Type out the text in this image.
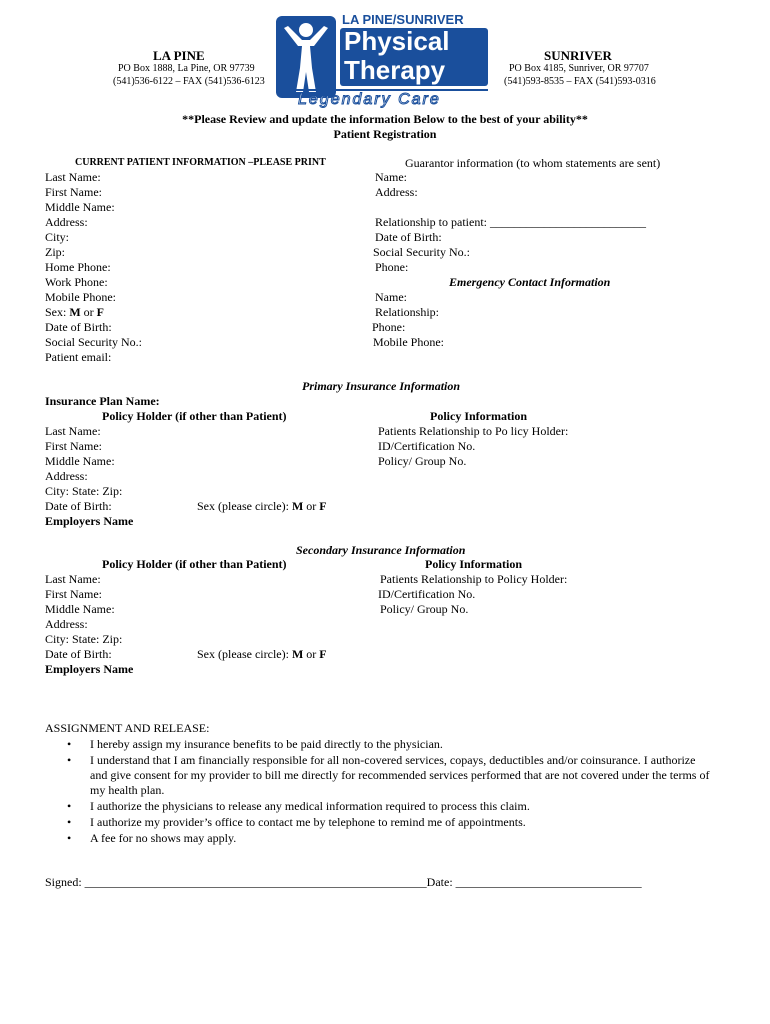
LA PINE
PO Box 1888, La Pine, OR 97739
(541)536-6122 – FAX (541)536-6123
SUNRIVER
PO Box 4185, Sunriver, OR 97707
(541)593-8535 – FAX (541)593-0316
LA PINE/SUNRIVER
Physical
Therapy
Legendary Care
**Please Review and update the information Below to the best of your ability**
Patient Registration
CURRENT PATIENT INFORMATION –PLEASE PRINT
Last Name:
First Name:
Middle Name:
Address:
City:
Zip:
Home Phone:
Work Phone:
Mobile Phone:
Sex: M or F
Date of Birth:
Social Security No.:
Patient email:
Guarantor information (to whom statements are sent)
Name:
Address:
Relationship to patient: __________________________
Date of Birth:
Social Security No.:
Phone:
Emergency Contact Information
Name:
Relationship:
Phone:
Mobile Phone:
Primary Insurance Information
Insurance Plan Name:
Policy Holder (if other than Patient)	Policy Information
Last Name:
First Name:
Middle Name:
Address:
City: State: Zip:
Date of Birth:
Employers Name
Sex (please circle): M or F
Patients Relationship to Po licy Holder:
ID/Certification No.
Policy/ Group No.
Secondary Insurance Information
Policy Holder (if other than Patient)	Policy Information
Last Name:
First Name:
Middle Name:
Address:
City: State: Zip:
Date of Birth:
Employers Name
Sex (please circle): M or F
Patients Relationship to Policy Holder:
ID/Certification No.
Policy/ Group No.
ASSIGNMENT AND RELEASE:
• I hereby assign my insurance benefits to be paid directly to the physician.
• I understand that I am financially responsible for all non-covered services, copays, deductibles and/or coinsurance. I authorize and give consent for my provider to bill me directly for recommended services performed that are not covered under the terms of my health plan.
• I authorize the physicians to release any medical information required to process this claim.
• I authorize my provider’s office to contact me by telephone to remind me of appointments.
• A fee for no shows may apply.
Signed: _________________________________________________________Date: _______________________________
